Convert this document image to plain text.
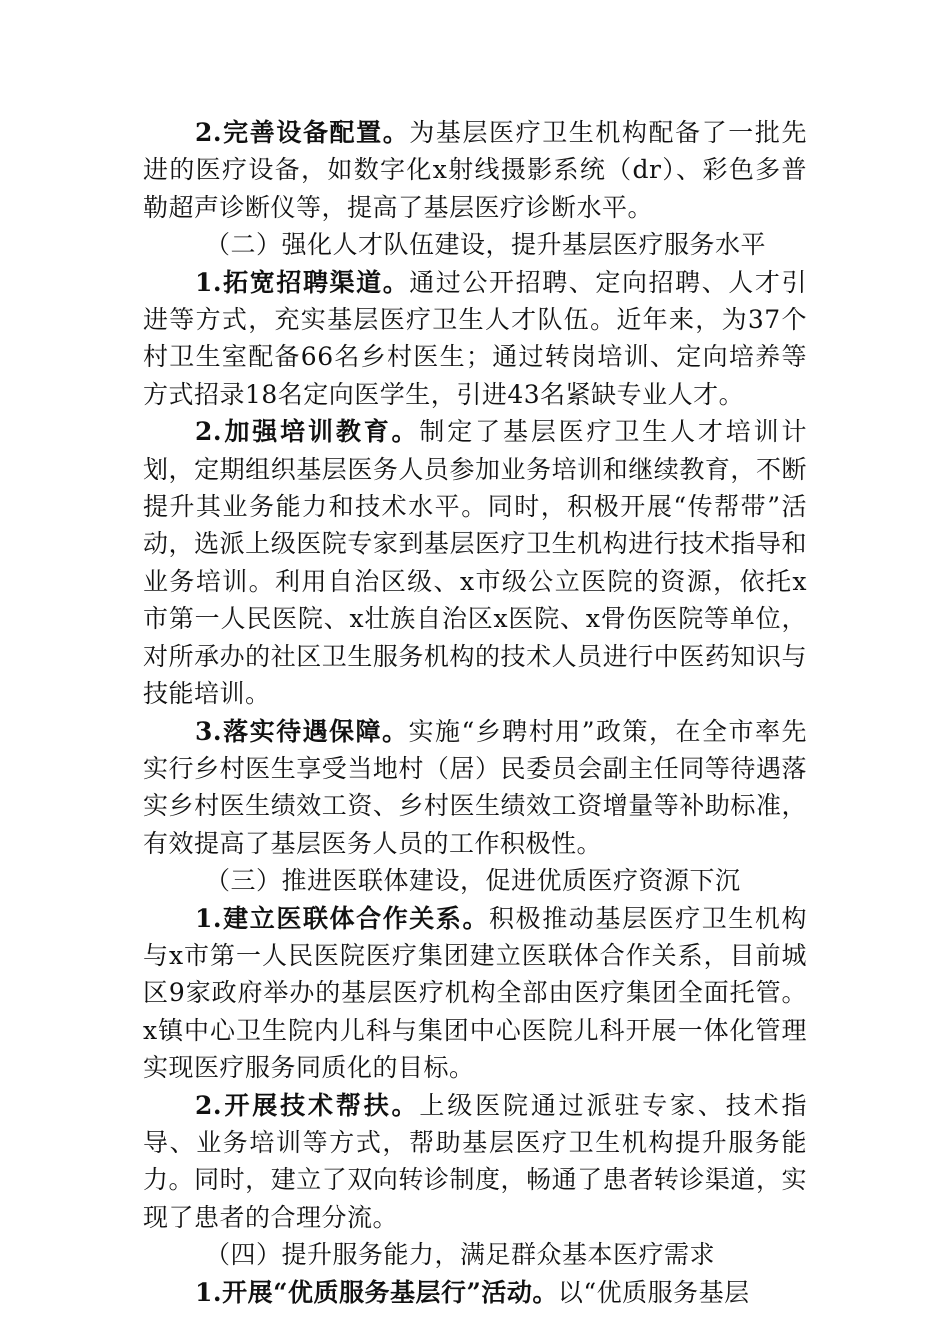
2.完善设备配置。为基层医疗卫生机构配备了一批先进的医疗设备，如数字化x射线摄影系统（dr）、彩色多普勒超声诊断仪等，提高了基层医疗诊断水平。

（二）强化人才队伍建设，提升基层医疗服务水平

1.拓宽招聘渠道。通过公开招聘、定向招聘、人才引进等方式，充实基层医疗卫生人才队伍。近年来，为37个村卫生室配备66名乡村医生；通过转岗培训、定向培养等方式招录18名定向医学生，引进43名紧缺专业人才。

2.加强培训教育。制定了基层医疗卫生人才培训计划，定期组织基层医务人员参加业务培训和继续教育，不断提升其业务能力和技术水平。同时，积极开展“传帮带”活动，选派上级医院专家到基层医疗卫生机构进行技术指导和业务培训。利用自治区级、x市级公立医院的资源，依托x市第一人民医院、x壮族自治区x医院、x骨伤医院等单位，对所承办的社区卫生服务机构的技术人员进行中医药知识与技能培训。

3.落实待遇保障。实施“乡聘村用”政策，在全市率先实行乡村医生享受当地村（居）民委员会副主任同等待遇落实乡村医生绩效工资、乡村医生绩效工资增量等补助标准，有效提高了基层医务人员的工作积极性。

（三）推进医联体建设，促进优质医疗资源下沉

1.建立医联体合作关系。积极推动基层医疗卫生机构与x市第一人民医院医疗集团建立医联体合作关系，目前城区9家政府举办的基层医疗机构全部由医疗集团全面托管。x镇中心卫生院内儿科与集团中心医院儿科开展一体化管理实现医疗服务同质化的目标。

2.开展技术帮扶。上级医院通过派驻专家、技术指导、业务培训等方式，帮助基层医疗卫生机构提升服务能力。同时，建立了双向转诊制度，畅通了患者转诊渠道，实现了患者的合理分流。

（四）提升服务能力，满足群众基本医疗需求

1.开展“优质服务基层行”活动。以“优质服务基层
